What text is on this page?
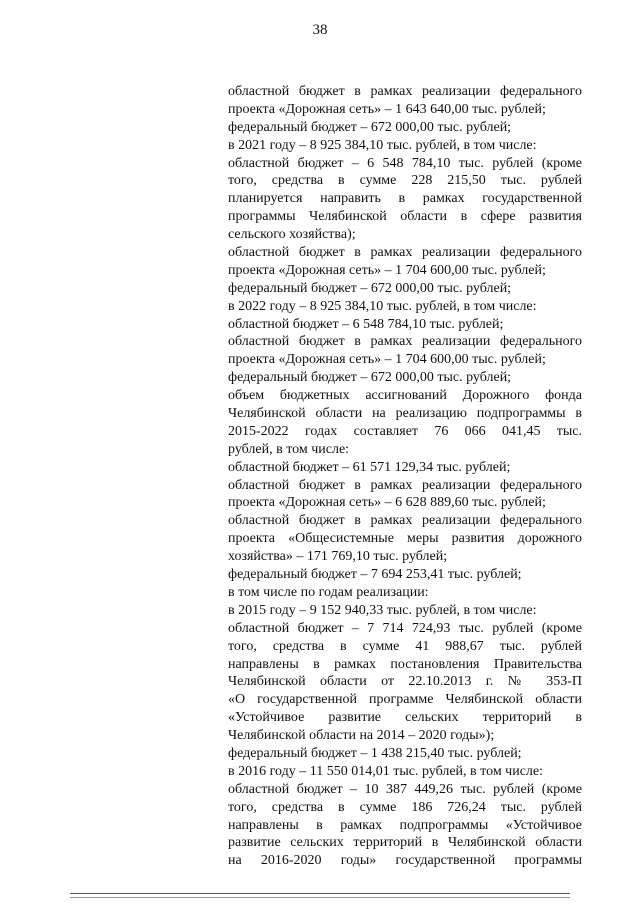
38
областной бюджет в рамках реализации федерального
проекта «Дорожная сеть» – 1 643 640,00 тыс. рублей;
федеральный бюджет – 672 000,00 тыс. рублей;
в 2021 году – 8 925 384,10 тыс. рублей, в том числе:
областной бюджет – 6 548 784,10 тыс. рублей (кроме
того, средства в сумме 228 215,50 тыс. рублей
планируется направить в рамках государственной
программы Челябинской области в сфере развития
сельского хозяйства);
областной бюджет в рамках реализации федерального
проекта «Дорожная сеть» – 1 704 600,00 тыс. рублей;
федеральный бюджет – 672 000,00 тыс. рублей;
в 2022 году – 8 925 384,10 тыс. рублей, в том числе:
областной бюджет – 6 548 784,10 тыс. рублей;
областной бюджет в рамках реализации федерального
проекта «Дорожная сеть» – 1 704 600,00 тыс. рублей;
федеральный бюджет – 672 000,00 тыс. рублей;
объем бюджетных ассигнований Дорожного фонда
Челябинской области на реализацию подпрограммы в
2015-2022 годах составляет 76 066 041,45 тыс.
рублей, в том числе:
областной бюджет – 61 571 129,34 тыс. рублей;
областной бюджет в рамках реализации федерального
проекта «Дорожная сеть» – 6 628 889,60 тыс. рублей;
областной бюджет в рамках реализации федерального
проекта «Общесистемные меры развития дорожного
хозяйства» – 171 769,10 тыс. рублей;
федеральный бюджет – 7 694 253,41 тыс. рублей;
в том числе по годам реализации:
в 2015 году – 9 152 940,33 тыс. рублей, в том числе:
областной бюджет – 7 714 724,93 тыс. рублей (кроме
того, средства в сумме 41 988,67 тыс. рублей
направлены в рамках постановления Правительства
Челябинской области от 22.10.2013 г. № 353-П
«О государственной программе Челябинской области
«Устойчивое развитие сельских территорий в
Челябинской области на 2014 – 2020 годы»);
федеральный бюджет – 1 438 215,40 тыс. рублей;
в 2016 году – 11 550 014,01 тыс. рублей, в том числе:
областной бюджет – 10 387 449,26 тыс. рублей (кроме
того, средства в сумме 186 726,24 тыс. рублей
направлены в рамках подпрограммы «Устойчивое
развитие сельских территорий в Челябинской области
на 2016-2020 годы» государственной программы
